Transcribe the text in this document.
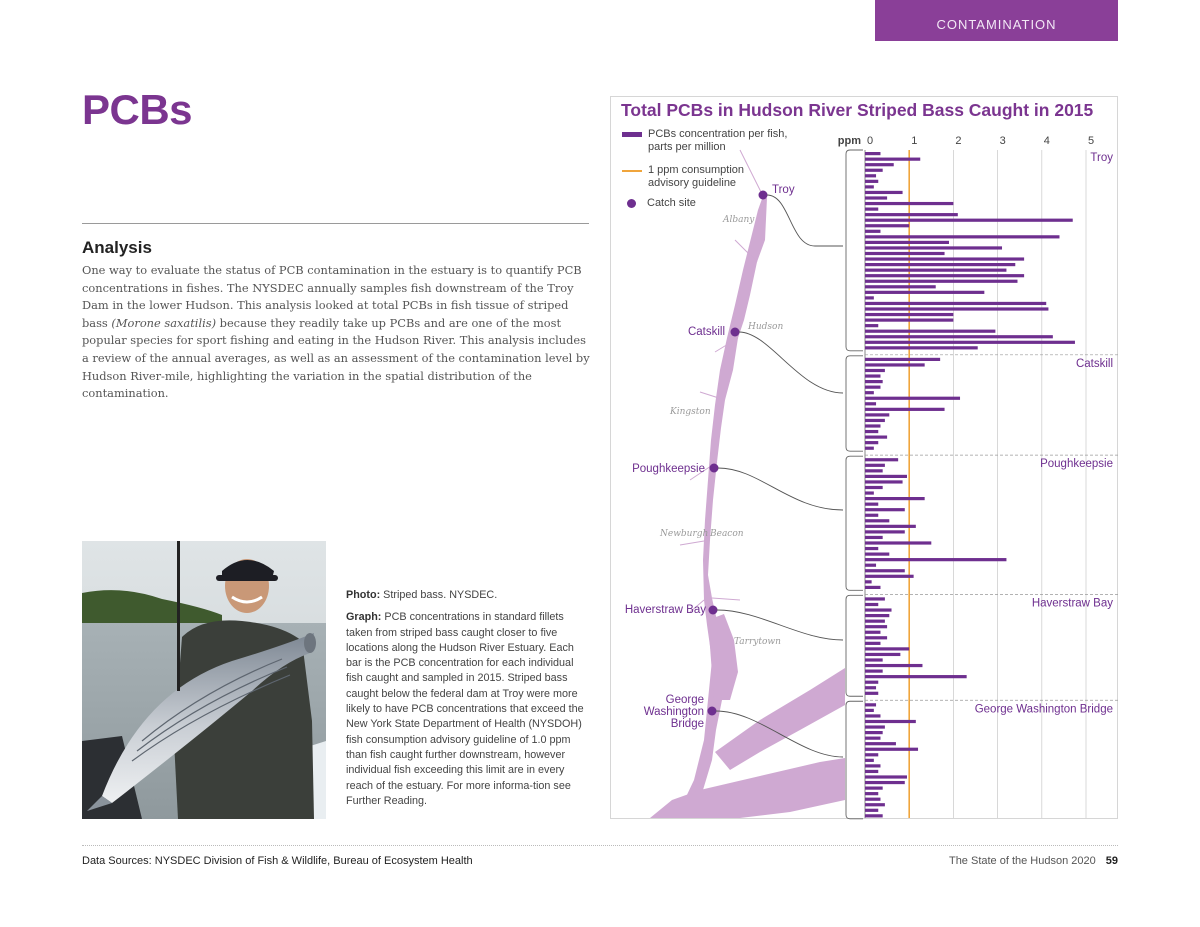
CONTAMINATION
PCBs
Analysis

One way to evaluate the status of PCB contamination in the estuary is to quantify PCB concentrations in fishes. The NYSDEC annually samples fish downstream of the Troy Dam in the lower Hudson. This analysis looked at total PCBs in fish tissue of striped bass (Morone saxatilis) because they readily take up PCBs and are one of the most popular species for sport fishing and eating in the Hudson River. This analysis includes a review of the annual averages, as well as an assessment of the contamination level by Hudson River-mile, highlighting the variation in the spatial distribution of the contamination.

Photo: Striped bass. NYSDEC.

Graph: PCB concentrations in standard fillets taken from striped bass caught closer to five locations along the Hudson River Estuary. Each bar is the PCB concentration for each individual fish caught and sampled in 2015. Striped bass caught below the federal dam at Troy were more likely to have PCB concentrations that exceed the New York State Department of Health (NYSDOH) fish consumption advisory guideline of 1.0 ppm than fish caught further downstream, however individual fish exceeding this limit are in every reach of the estuary. For more informa-tion see Further Reading.

Total PCBs in Hudson River Striped Bass Caught in 2015
PCBs concentration per fish, parts per million
1 ppm consumption advisory guideline
Catch site
Albany
Hudson
Kingston
Newburgh Beacon
Tarrytown
Troy
Catskill
Poughkeepsie
Haverstraw Bay
George
Washington
Bridge
Troy
Catskill
Poughkeepsie
Haverstraw Bay
George Washington Bridge
ppm 0	1	2	3	4	5
Data Sources: NYSDEC Division of Fish & Wildlife, Bureau of Ecosystem Health	The State of the Hudson 2020 59
